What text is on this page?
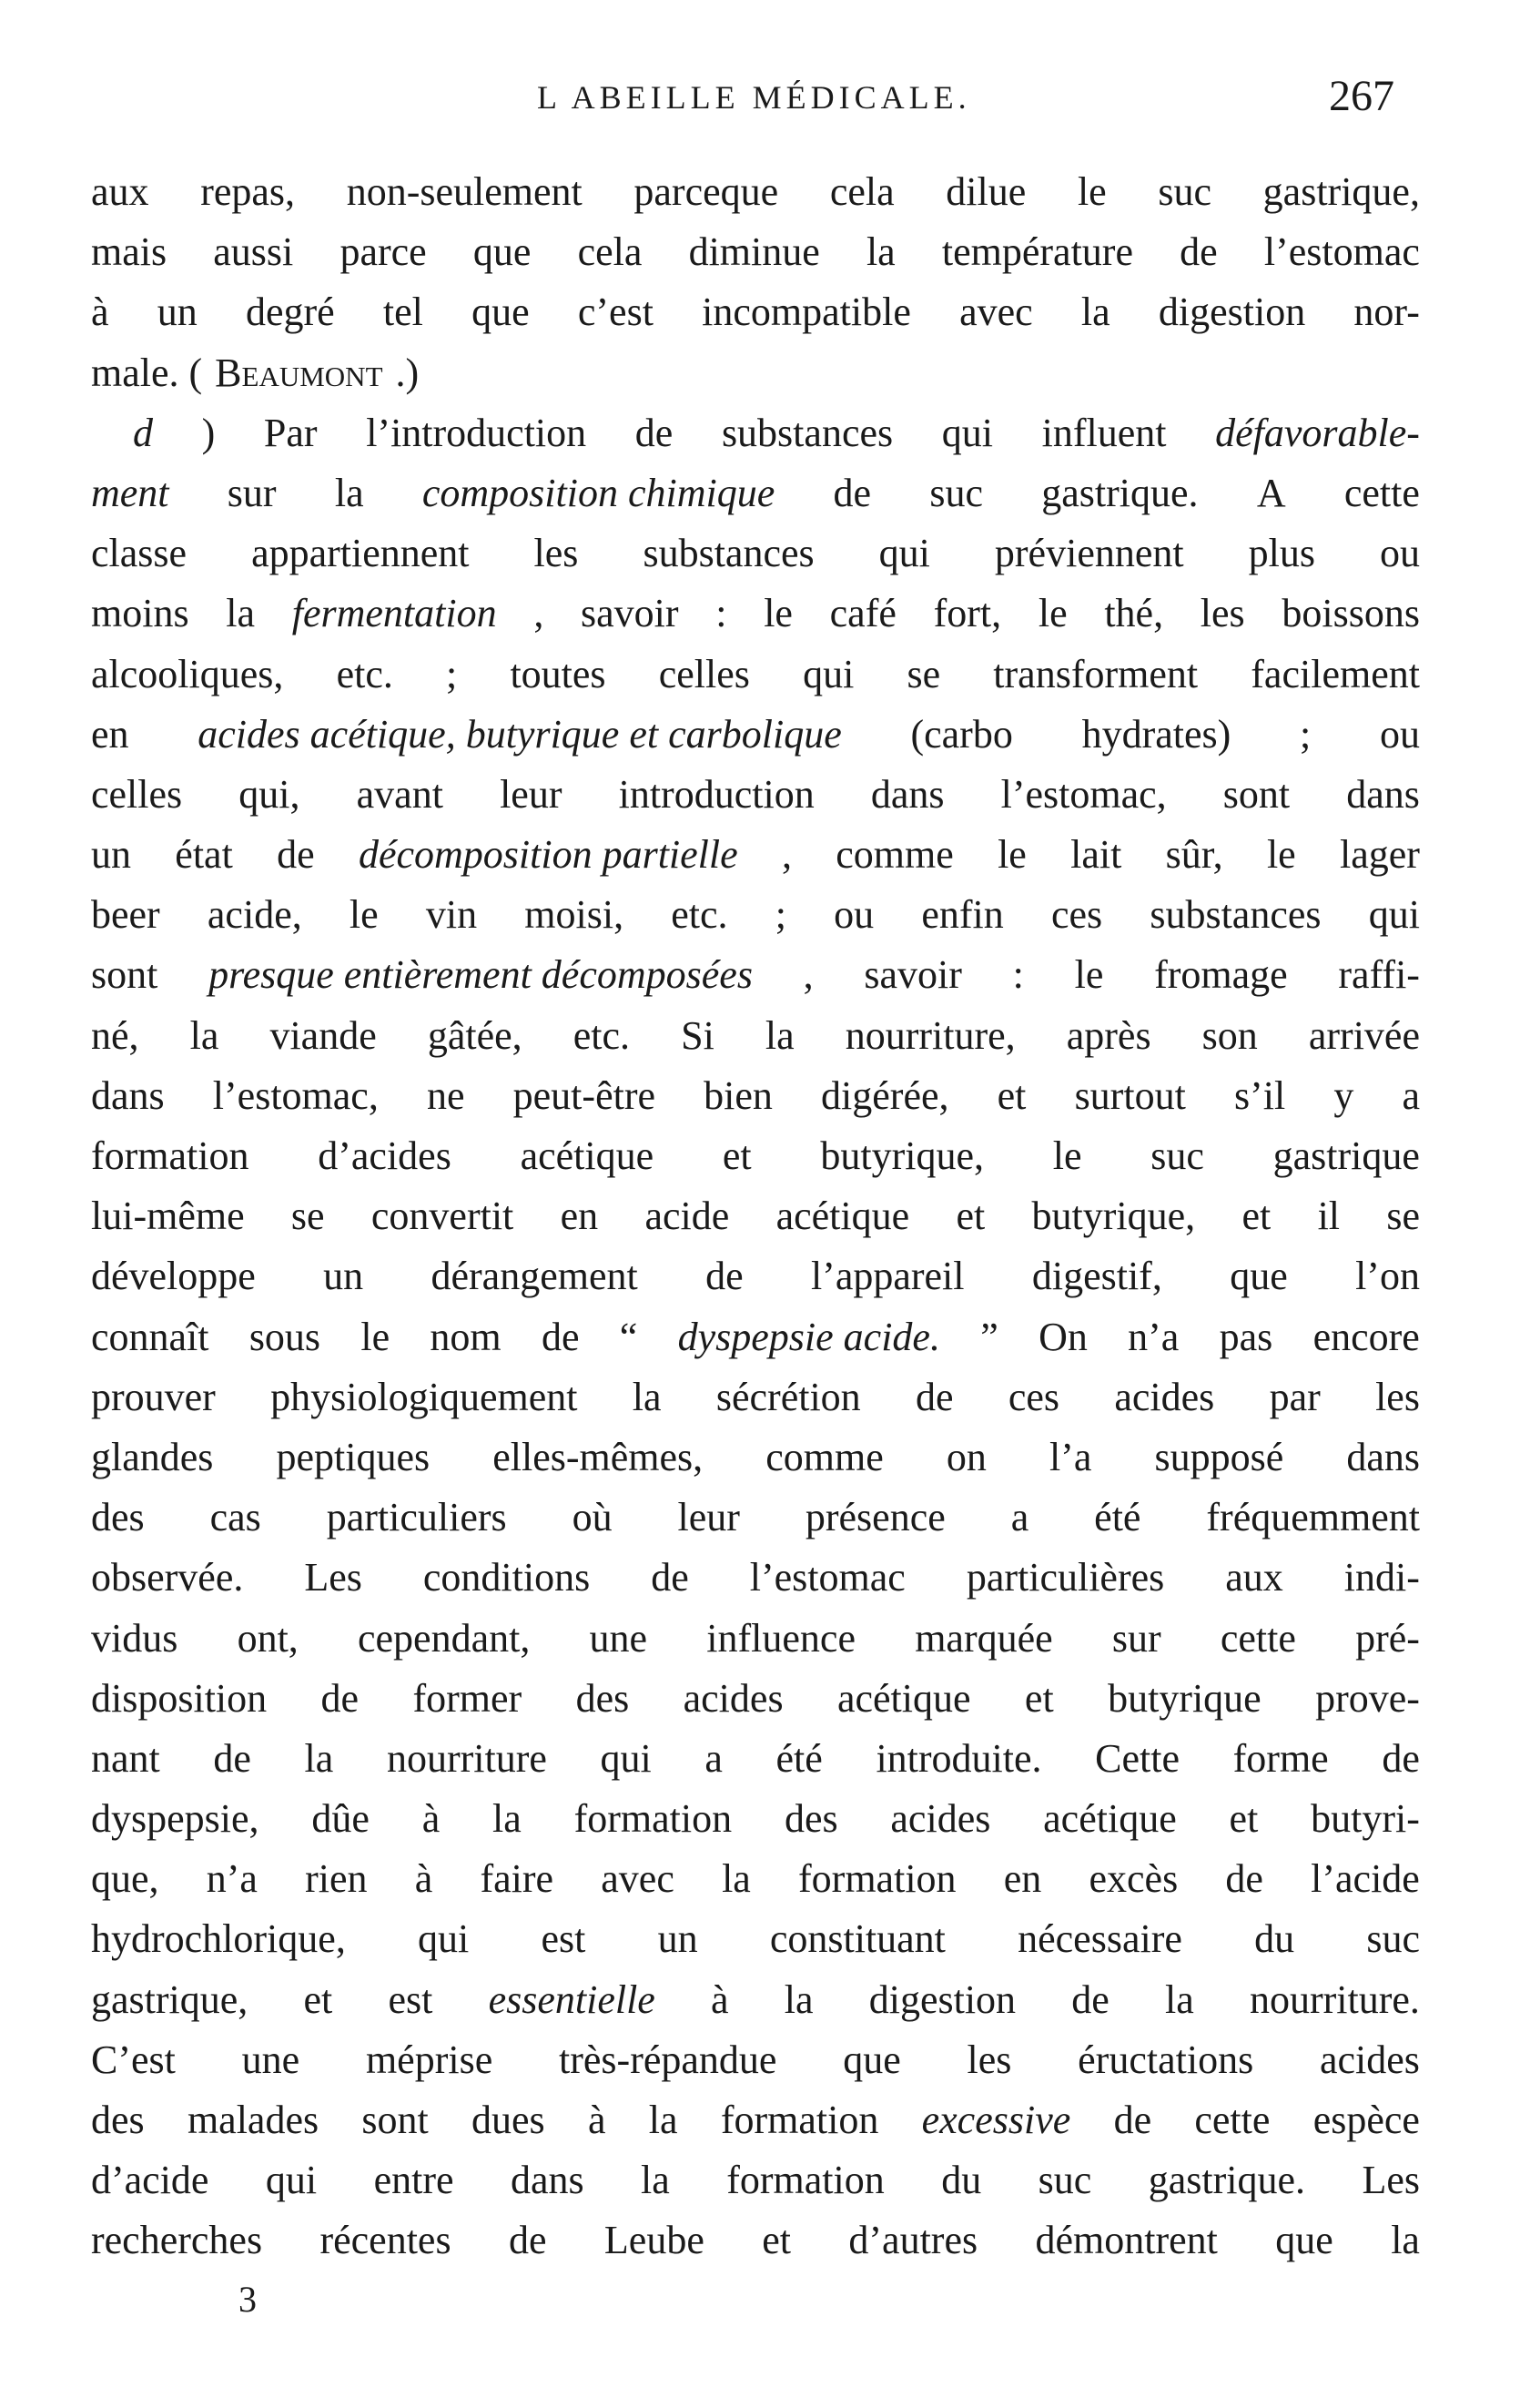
L ABEILLE MÉDICALE.	267
aux repas, non-seulement parceque cela dilue le suc gastrique,
mais aussi parce que cela diminue la température de l’estomac
à un degré tel que c’est incompatible avec la digestion nor-
male. ( Beaumont .)
d ) Par l’introduction de substances qui influent défavorable-
ment sur la composition chimique de suc gastrique. A cette
classe appartiennent les substances qui préviennent plus ou
moins la fermentation , savoir : le café fort, le thé, les boissons
alcooliques, etc. ; toutes celles qui se transforment facilement
en acides acétique, butyrique et carbolique (carbo hydrates) ; ou
celles qui, avant leur introduction dans l’estomac, sont dans
un état de décomposition partielle , comme le lait sûr, le lager
beer acide, le vin moisi, etc. ; ou enfin ces substances qui
sont presque entièrement décomposées , savoir : le fromage raffi-
né, la viande gâtée, etc. Si la nourriture, après son arrivée
dans l’estomac, ne peut-être bien digérée, et surtout s’il y a
formation d’acides acétique et butyrique, le suc gastrique
lui-même se convertit en acide acétique et butyrique, et il se
développe un dérangement de l’appareil digestif, que l’on
connaît sous le nom de “ dyspepsie acide. ” On n’a pas encore
prouver physiologiquement la sécrétion de ces acides par les
glandes peptiques elles-mêmes, comme on l’a supposé dans
des cas particuliers où leur présence a été fréquemment
observée. Les conditions de l’estomac particulières aux indi-
vidus ont, cependant, une influence marquée sur cette pré-
disposition de former des acides acétique et butyrique prove-
nant de la nourriture qui a été introduite. Cette forme de
dyspepsie, dûe à la formation des acides acétique et butyri-
que, n’a rien à faire avec la formation en excès de l’acide
hydrochlorique, qui est un constituant nécessaire du suc
gastrique, et est essentielle à la digestion de la nourriture.
C’est une méprise très-répandue que les éructations acides
des malades sont dues à la formation excessive de cette espèce
d’acide qui entre dans la formation du suc gastrique. Les
recherches récentes de Leube et d’autres démontrent que la
3
